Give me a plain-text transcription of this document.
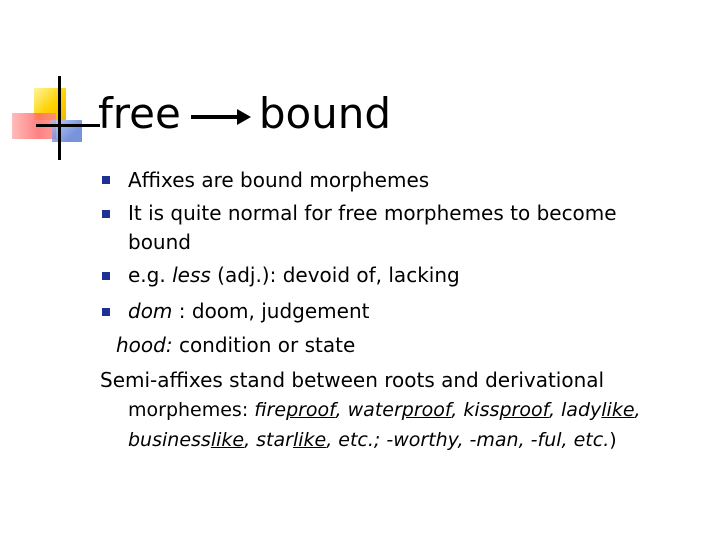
free bound
Affixes are bound morphemes
It is quite normal for free morphemes to become
bound
e.g. less (adj.): devoid of, lacking
dom : doom, judgement
hood: condition or state
Semi-affixes stand between roots and derivational
morphemes: fireproof, waterproof, kissproof, ladylike,
businesslike, starlike, etc.; -worthy, -man, -ful, etc.)
